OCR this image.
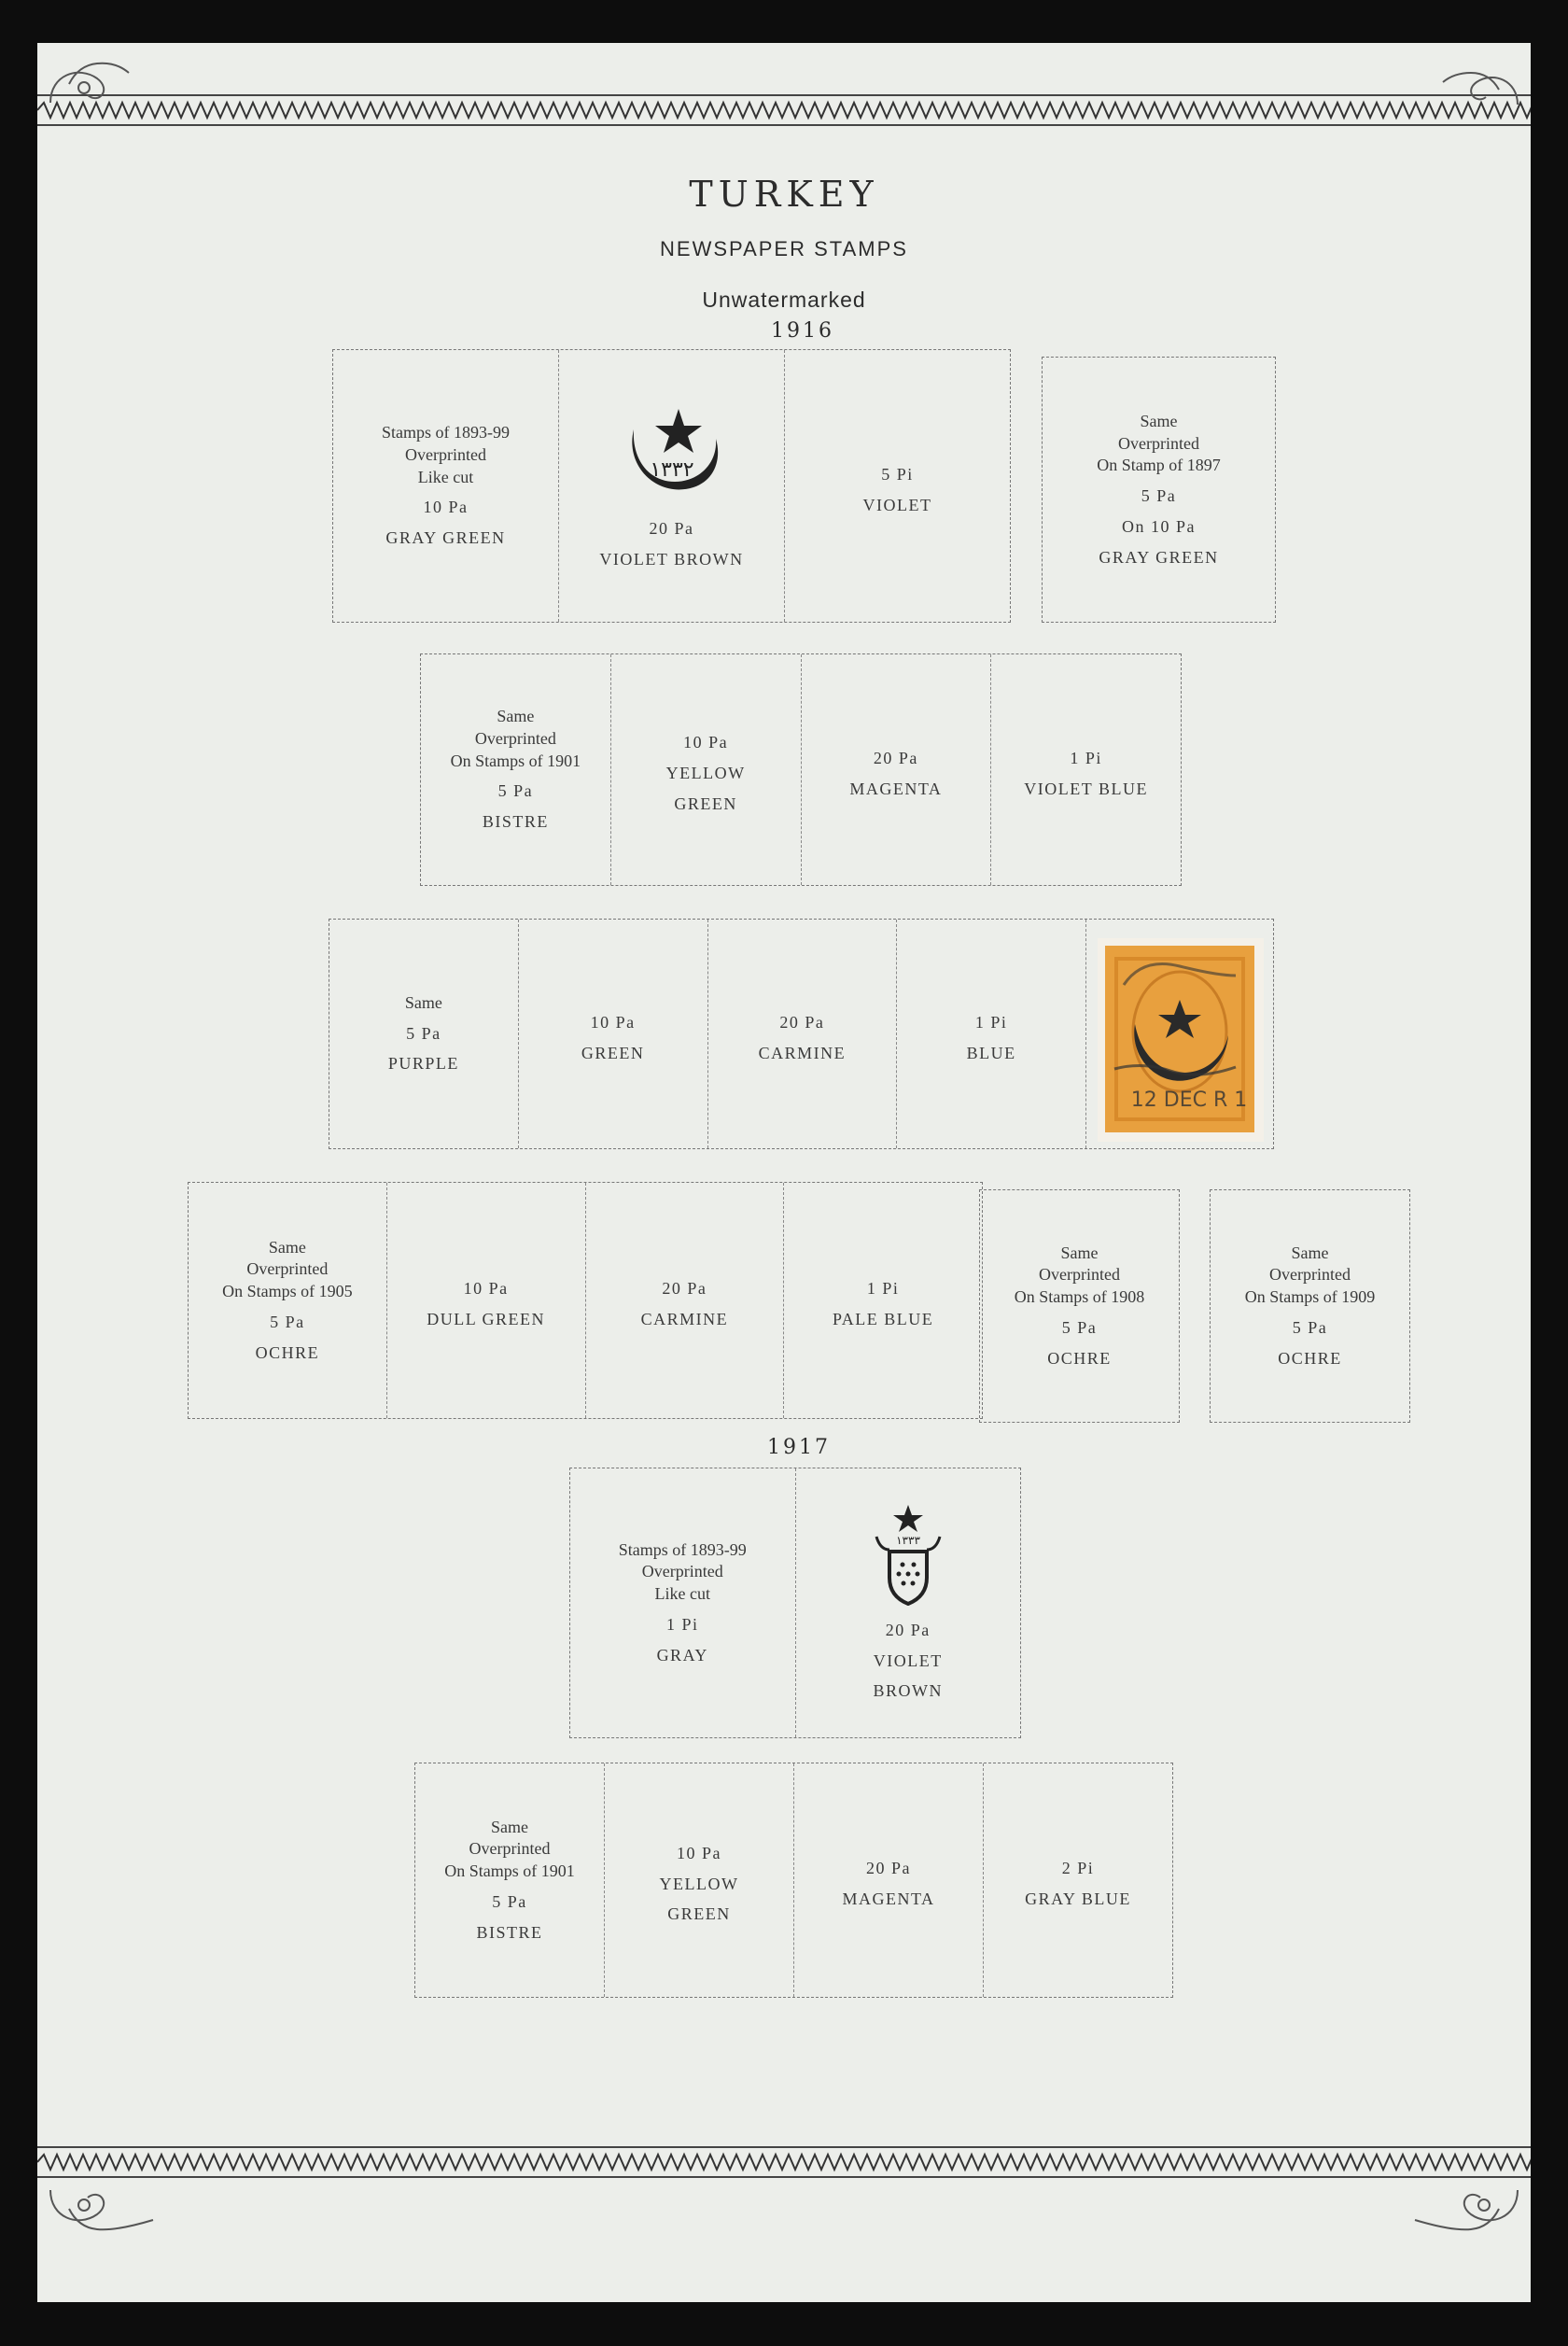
TURKEY
NEWSPAPER STAMPS
Unwatermarked
1916
Stamps of 1893-99
Overprinted
Like cut
10 Pa
GRAY GREEN
١٣٣٢
20 Pa
VIOLET BROWN
5 Pi
VIOLET
Same
Overprinted
On Stamp of 1897
5 Pa
On 10 Pa
GRAY GREEN
Same
Overprinted
On Stamps of 1901
5 Pa
BISTRE
10 Pa
YELLOW
GREEN
20 Pa
MAGENTA
1 Pi
VIOLET BLUE
Same
5 Pa
PURPLE
10 Pa
GREEN
20 Pa
CARMINE
1 Pi
BLUE
12 DEC R 1
Same
Overprinted
On Stamps of 1905
5 Pa
OCHRE
10 Pa
DULL GREEN
20 Pa
CARMINE
1 Pi
PALE BLUE
Same
Overprinted
On Stamps of 1908
5 Pa
OCHRE
Same
Overprinted
On Stamps of 1909
5 Pa
OCHRE
1917
Stamps of 1893-99
Overprinted
Like cut
1 Pi
GRAY
١٣٣٣
20 Pa
VIOLET
BROWN
Same
Overprinted
On Stamps of 1901
5 Pa
BISTRE
10 Pa
YELLOW
GREEN
20 Pa
MAGENTA
2 Pi
GRAY BLUE
